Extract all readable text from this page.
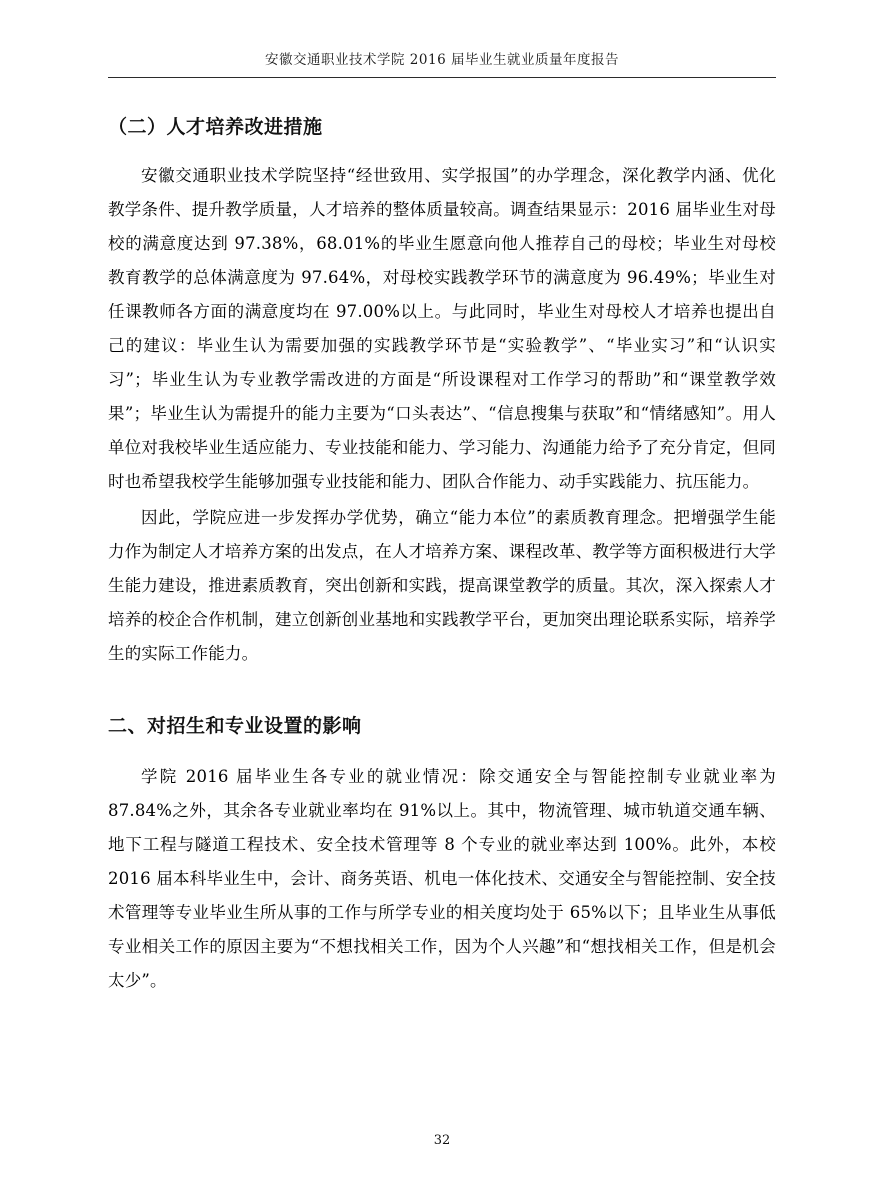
安徽交通职业技术学院 2016 届毕业生就业质量年度报告
（二）人才培养改进措施

安徽交通职业技术学院坚持“经世致用、实学报国”的办学理念，深化教学内涵、优化教学条件、提升教学质量，人才培养的整体质量较高。调查结果显示：2016 届毕业生对母校的满意度达到 97.38%，68.01%的毕业生愿意向他人推荐自己的母校；毕业生对母校教育教学的总体满意度为 97.64%，对母校实践教学环节的满意度为 96.49%；毕业生对任课教师各方面的满意度均在 97.00%以上。与此同时，毕业生对母校人才培养也提出自己的建议：毕业生认为需要加强的实践教学环节是“实验教学”、“毕业实习”和“认识实习”；毕业生认为专业教学需改进的方面是“所设课程对工作学习的帮助”和“课堂教学效果”；毕业生认为需提升的能力主要为“口头表达”、“信息搜集与获取”和“情绪感知”。用人单位对我校毕业生适应能力、专业技能和能力、学习能力、沟通能力给予了充分肯定，但同时也希望我校学生能够加强专业技能和能力、团队合作能力、动手实践能力、抗压能力。

因此，学院应进一步发挥办学优势，确立“能力本位”的素质教育理念。把增强学生能力作为制定人才培养方案的出发点，在人才培养方案、课程改革、教学等方面积极进行大学生能力建设，推进素质教育，突出创新和实践，提高课堂教学的质量。其次，深入探索人才培养的校企合作机制，建立创新创业基地和实践教学平台，更加突出理论联系实际，培养学生的实际工作能力。

二、对招生和专业设置的影响

学院 2016 届毕业生各专业的就业情况：除交通安全与智能控制专业就业率为 87.84%之外，其余各专业就业率均在 91%以上。其中，物流管理、城市轨道交通车辆、地下工程与隧道工程技术、安全技术管理等 8 个专业的就业率达到 100%。此外，本校 2016 届本科毕业生中，会计、商务英语、机电一体化技术、交通安全与智能控制、安全技术管理等专业毕业生所从事的工作与所学专业的相关度均处于 65%以下；且毕业生从事低专业相关工作的原因主要为“不想找相关工作，因为个人兴趣”和“想找相关工作，但是机会太少”。

32
